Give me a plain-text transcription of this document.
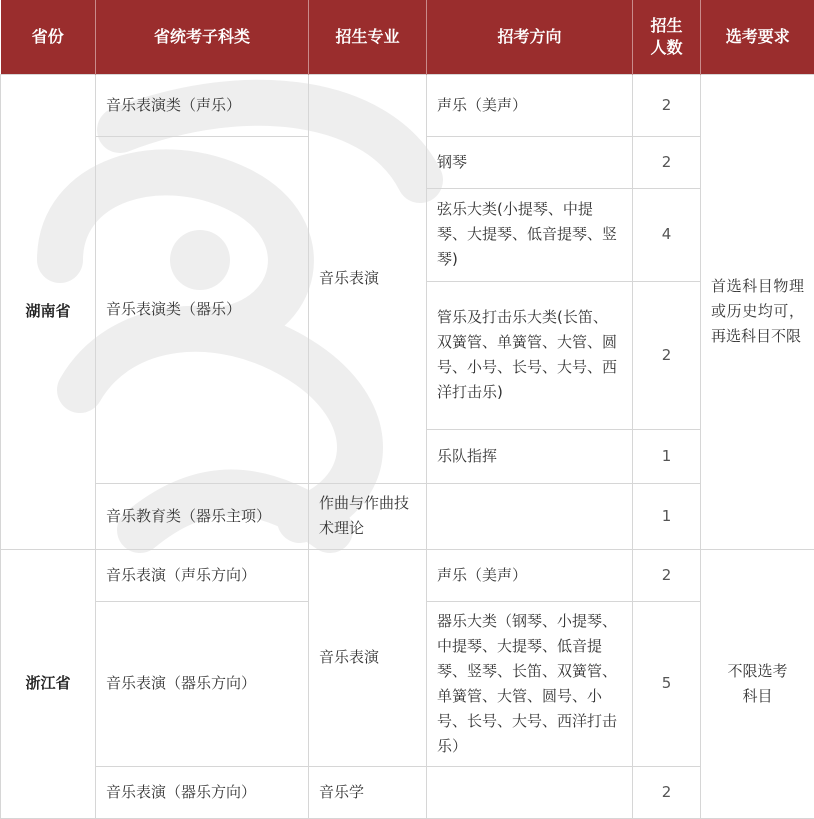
省份	省统考子科类	招生专业	招考方向	招生人数	选考要求
湖南省	音乐表演类（声乐）	音乐表演	声乐（美声）	2	首选科目物理或历史均可，再选科目不限
	音乐表演类（器乐）		钢琴	2	
			弦乐大类(小提琴、中提琴、大提琴、低音提琴、竖琴)	4	
			管乐及打击乐大类(长笛、双簧管、单簧管、大管、圆号、小号、长号、大号、西洋打击乐)	2	
			乐队指挥	1	

	音乐教育类（器乐主项）	作曲与作曲技术理论		1	
浙江省	音乐表演（声乐方向）	音乐表演	声乐（美声）	2	不限选考科目
	音乐表演（器乐方向）		器乐大类（钢琴、小提琴、中提琴、大提琴、低音提琴、竖琴、长笛、双簧管、单簧管、大管、圆号、小号、长号、大号、西洋打击乐）	5	
	音乐表演（器乐方向）	音乐学		2	
